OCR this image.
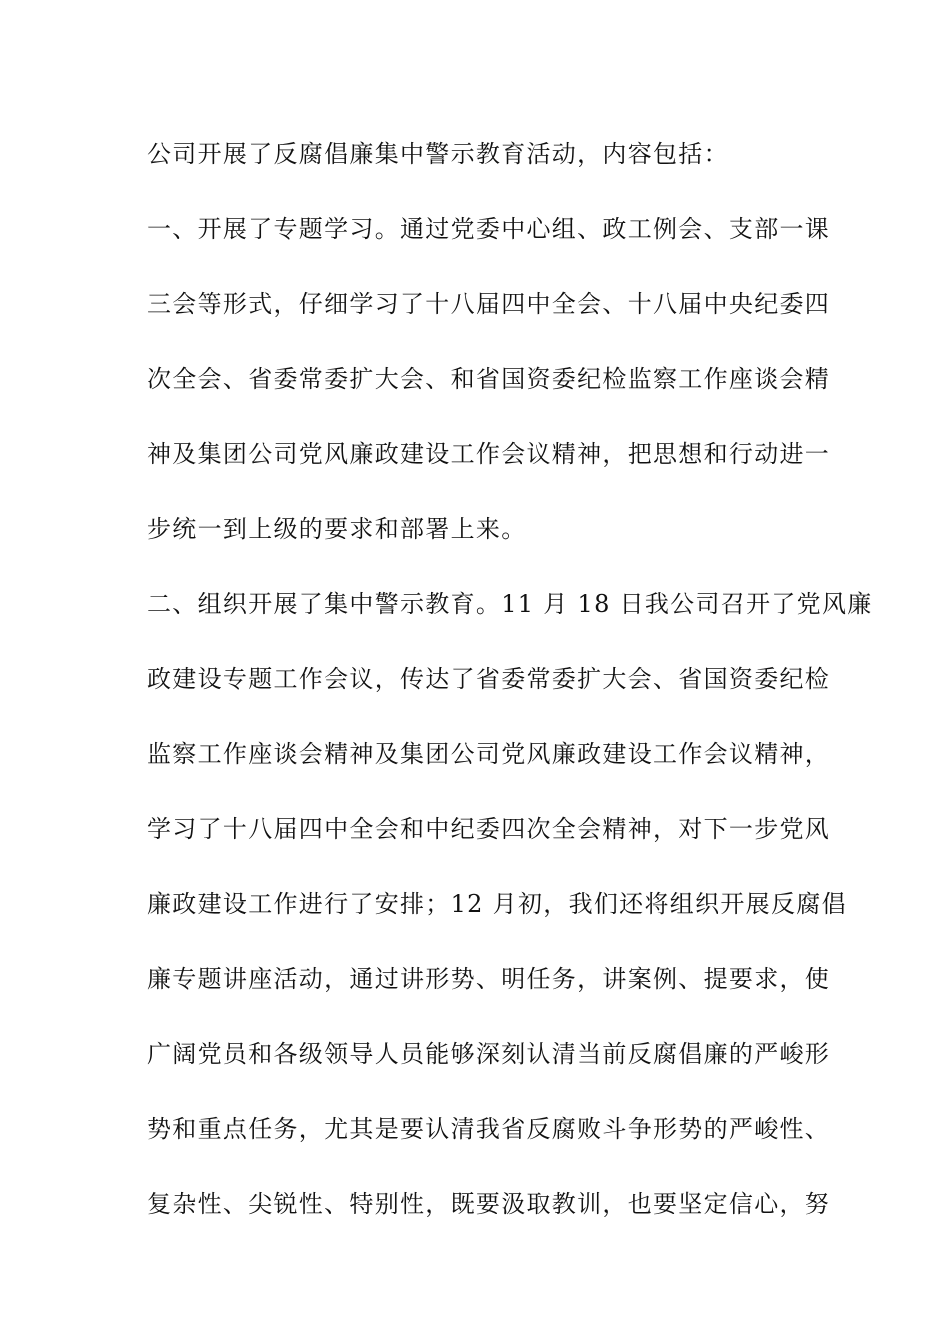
公司开展了反腐倡廉集中警示教育活动，内容包括：
一、开展了专题学习。通过党委中心组、政工例会、支部一课
三会等形式，仔细学习了十八届四中全会、十八届中央纪委四
次全会、省委常委扩大会、和省国资委纪检监察工作座谈会精
神及集团公司党风廉政建设工作会议精神，把思想和行动进一
步统一到上级的要求和部署上来。
二、组织开展了集中警示教育。11 月 18 日我公司召开了党风廉
政建设专题工作会议，传达了省委常委扩大会、省国资委纪检
监察工作座谈会精神及集团公司党风廉政建设工作会议精神，
学习了十八届四中全会和中纪委四次全会精神，对下一步党风
廉政建设工作进行了安排；12 月初，我们还将组织开展反腐倡
廉专题讲座活动，通过讲形势、明任务，讲案例、提要求，使
广阔党员和各级领导人员能够深刻认清当前反腐倡廉的严峻形
势和重点任务，尤其是要认清我省反腐败斗争形势的严峻性、
复杂性、尖锐性、特别性，既要汲取教训，也要坚定信心，努
